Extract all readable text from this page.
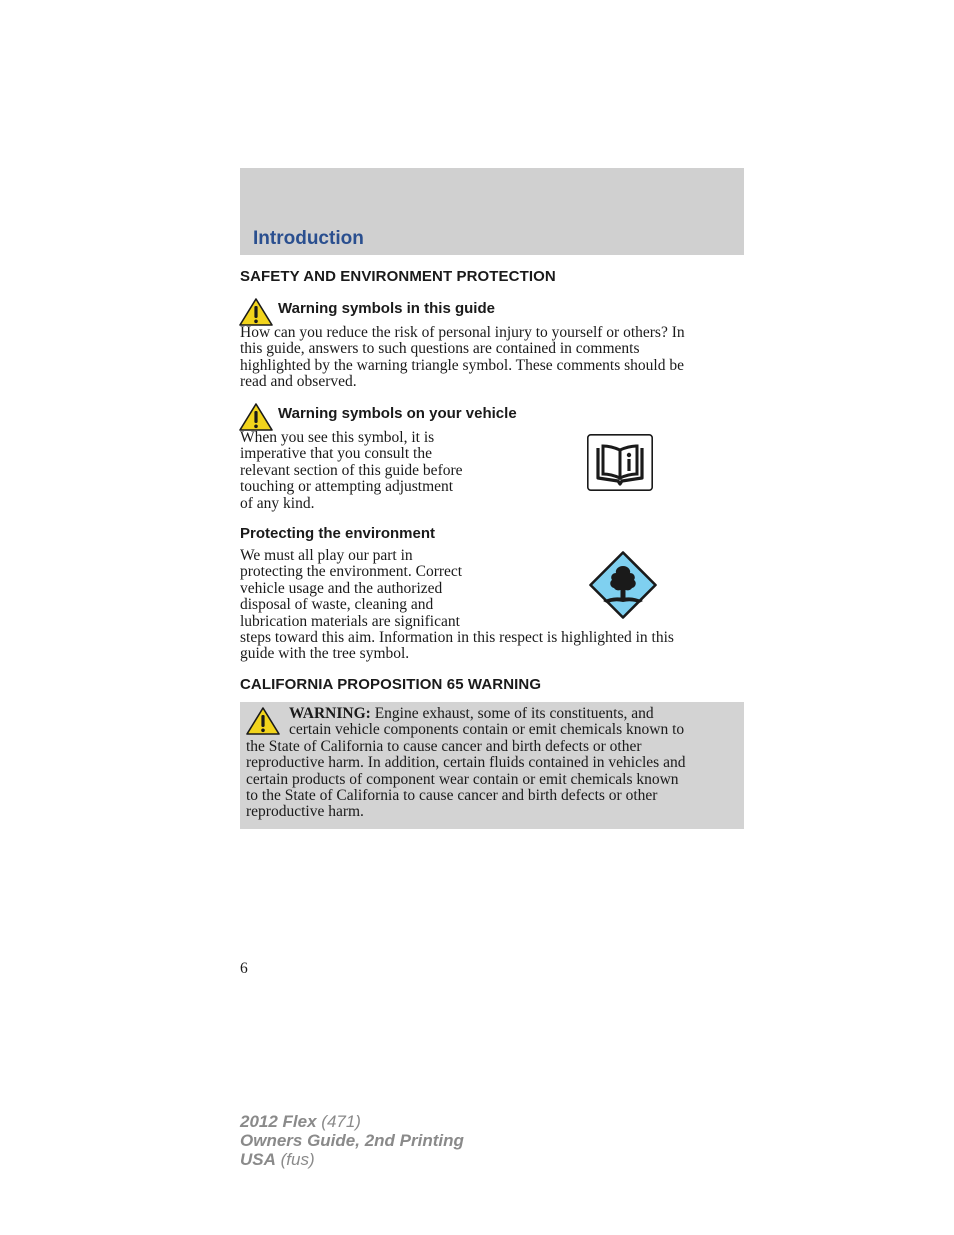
Introduction
SAFETY AND ENVIRONMENT PROTECTION
Warning symbols in this guide
How can you reduce the risk of personal injury to yourself or others? In
this guide, answers to such questions are contained in comments
highlighted by the warning triangle symbol. These comments should be
read and observed.
Warning symbols on your vehicle
When you see this symbol, it is
imperative that you consult the
relevant section of this guide before
touching or attempting adjustment
of any kind.
Protecting the environment
We must all play our part in
protecting the environment. Correct
vehicle usage and the authorized
disposal of waste, cleaning and
lubrication materials are significant
steps toward this aim. Information in this respect is highlighted in this
guide with the tree symbol.
CALIFORNIA PROPOSITION 65 WARNING
WARNING: Engine exhaust, some of its constituents, and
certain vehicle components contain or emit chemicals known to
the State of California to cause cancer and birth defects or other
reproductive harm. In addition, certain fluids contained in vehicles and
certain products of component wear contain or emit chemicals known
to the State of California to cause cancer and birth defects or other
reproductive harm.
6
2012 Flex (471)
Owners Guide, 2nd Printing
USA (fus)
